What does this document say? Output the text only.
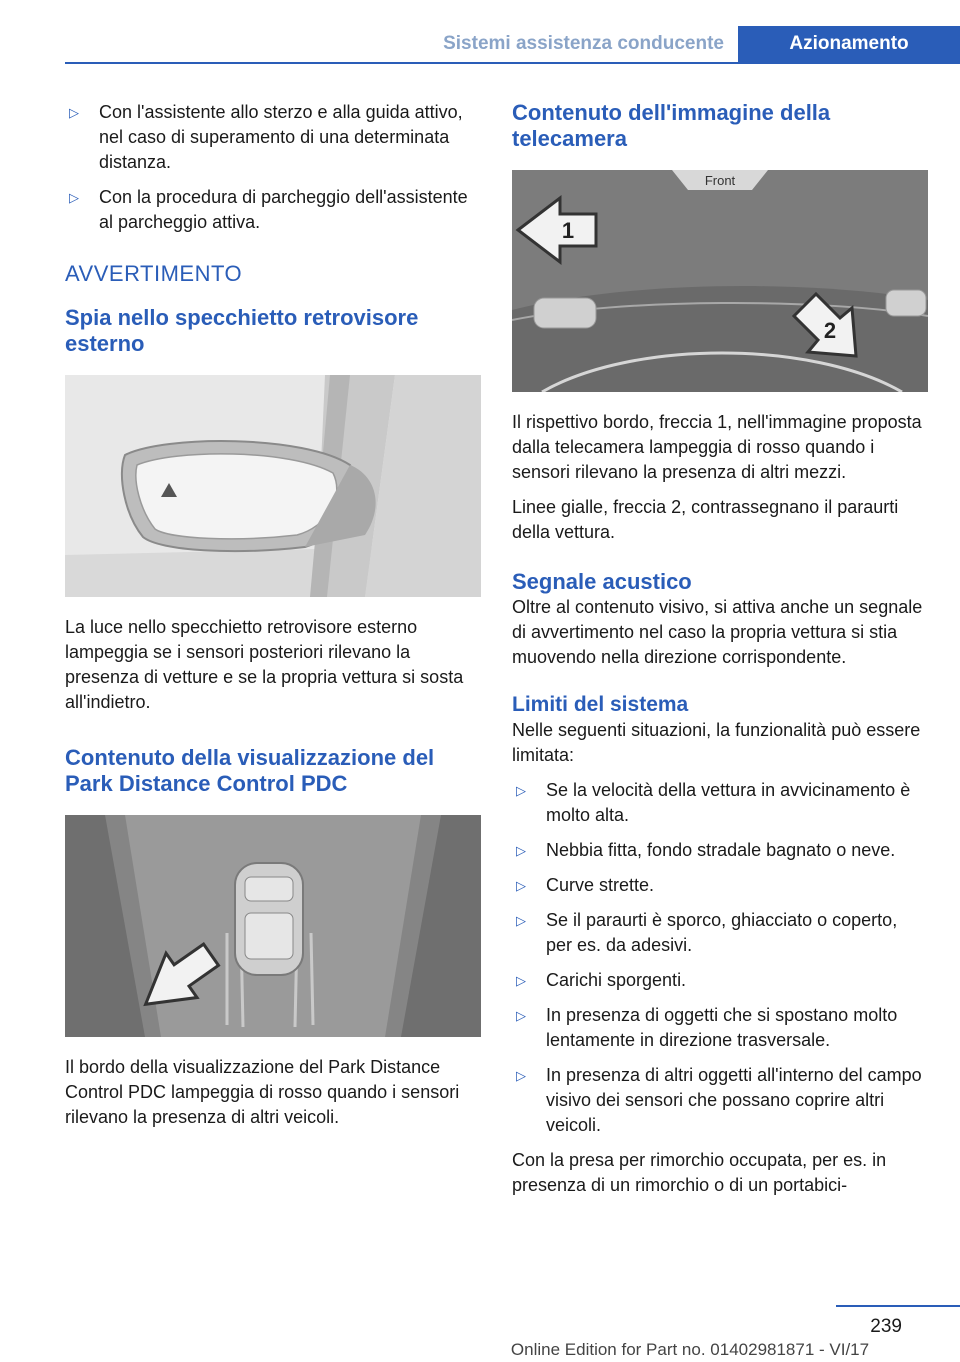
Sistemi assistenza conducente	Azionamento
▷	Con l'assistente allo sterzo e alla guida attivo, nel caso di superamento di una determinata distanza.
▷	Con la procedura di parcheggio dell'assistente al parcheggio attiva.
AVVERTIMENTO
Spia nello specchietto retrovisore esterno
La luce nello specchietto retrovisore esterno lampeggia se i sensori posteriori rilevano la presenza di vetture e se la propria vettura si sosta all'indietro.
Contenuto della visualizzazione del Park Distance Control PDC
Il bordo della visualizzazione del Park Distance Control PDC lampeggia di rosso quando i sensori rilevano la presenza di altri veicoli.
Contenuto dell'immagine della telecamera
Front
1
2
Il rispettivo bordo, freccia 1, nell'immagine proposta dalla telecamera lampeggia di rosso quando i sensori rilevano la presenza di altri mezzi.
Linee gialle, freccia 2, contrassegnano il paraurti della vettura.
Segnale acustico
Oltre al contenuto visivo, si attiva anche un segnale di avvertimento nel caso la propria vettura si stia muovendo nella direzione corrispondente.
Limiti del sistema
Nelle seguenti situazioni, la funzionalità può essere limitata:
▷	Se la velocità della vettura in avvicinamento è molto alta.
▷	Nebbia fitta, fondo stradale bagnato o neve.
▷	Curve strette.
▷	Se il paraurti è sporco, ghiacciato o coperto, per es. da adesivi.
▷	Carichi sporgenti.
▷	In presenza di oggetti che si spostano molto lentamente in direzione trasversale.
▷	In presenza di altri oggetti all'interno del campo visivo dei sensori che possano coprire altri veicoli.
Con la presa per rimorchio occupata, per es. in presenza di un rimorchio o di un portabici-
239
Online Edition for Part no. 01402981871 - VI/17
